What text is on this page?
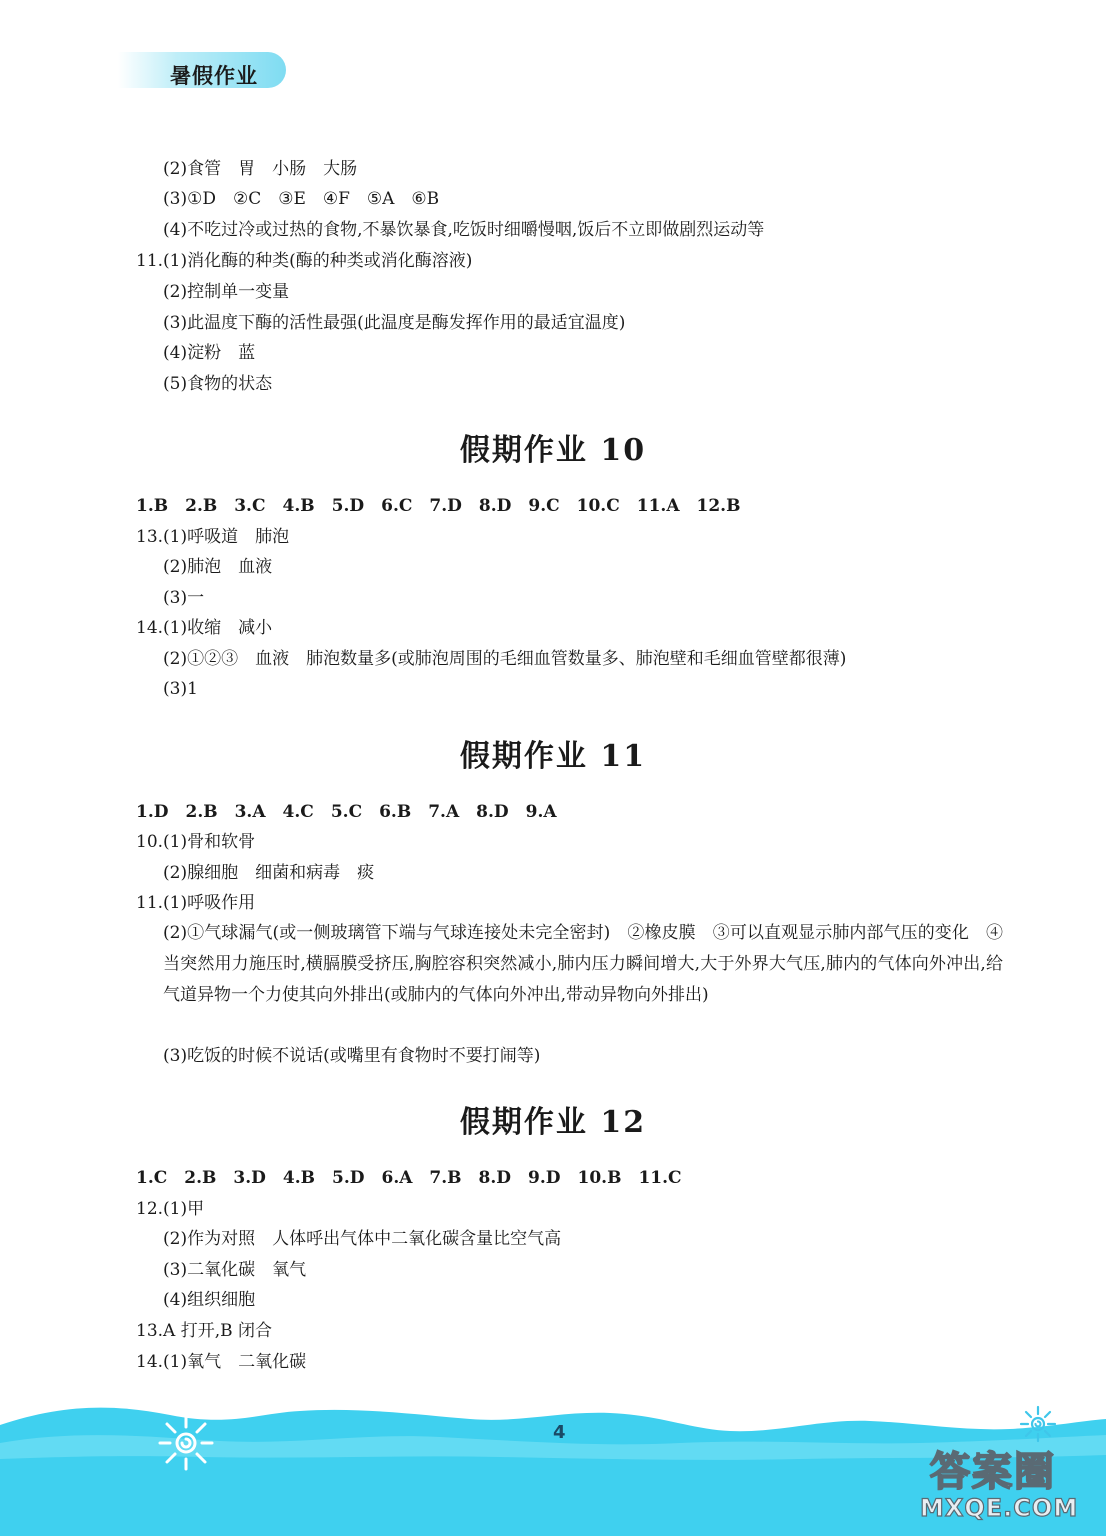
暑假作业
(2)食管　胃　小肠　大肠
(3)①D　②C　③E　④F　⑤A　⑥B
(4)不吃过冷或过热的食物,不暴饮暴食,吃饭时细嚼慢咽,饭后不立即做剧烈运动等
11.(1)消化酶的种类(酶的种类或消化酶溶液)
(2)控制单一变量
(3)此温度下酶的活性最强(此温度是酶发挥作用的最适宜温度)
(4)淀粉　蓝
(5)食物的状态
假期作业 10
1.B　2.B　3.C　4.B　5.D　6.C　7.D　8.D　9.C　10.C　11.A　12.B
13.(1)呼吸道　肺泡
(2)肺泡　血液
(3)一
14.(1)收缩　减小
(2)①②③　血液　肺泡数量多(或肺泡周围的毛细血管数量多、肺泡壁和毛细血管壁都很薄)
(3)1
假期作业 11
1.D　2.B　3.A　4.C　5.C　6.B　7.A　8.D　9.A
10.(1)骨和软骨
(2)腺细胞　细菌和病毒　痰
11.(1)呼吸作用
(2)①气球漏气(或一侧玻璃管下端与气球连接处未完全密封)　②橡皮膜　③可以直观显示肺内部气压的变化　④当突然用力施压时,横膈膜受挤压,胸腔容积突然减小,肺内压力瞬间增大,大于外界大气压,肺内的气体向外冲出,给气道异物一个力使其向外排出(或肺内的气体向外冲出,带动异物向外排出)
(3)吃饭的时候不说话(或嘴里有食物时不要打闹等)
假期作业 12
1.C　2.B　3.D　4.B　5.D　6.A　7.B　8.D　9.D　10.B　11.C
12.(1)甲
(2)作为对照　人体呼出气体中二氧化碳含量比空气高
(3)二氧化碳　氧气
(4)组织细胞
13.A 打开,B 闭合
14.(1)氧气　二氧化碳
4
答案圈
MXQE.COM
